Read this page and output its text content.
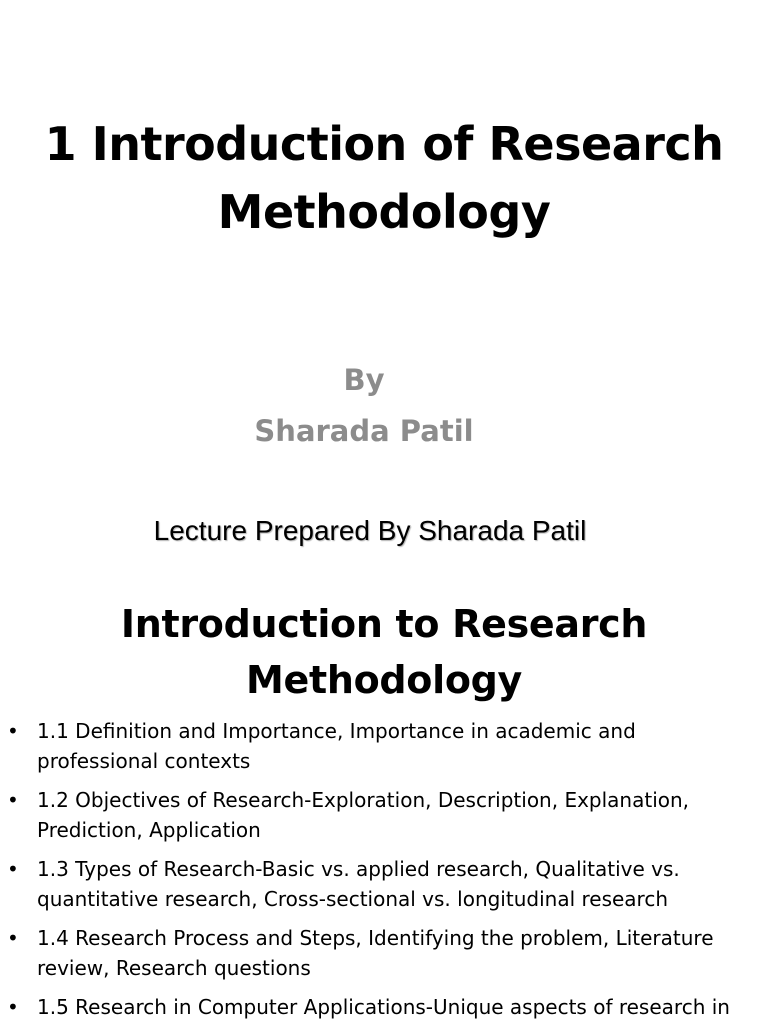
1 Introduction of Research Methodology
By
Sharada Patil
Lecture Prepared By Sharada Patil
Introduction to Research Methodology
• 1.1 Definition and Importance, Importance in academic and professional contexts
• 1.2 Objectives of Research-Exploration, Description, Explanation, Prediction, Application
• 1.3 Types of Research-Basic vs. applied research, Qualitative vs. quantitative research, Cross-sectional vs. longitudinal research
• 1.4 Research Process and Steps, Identifying the problem, Literature review, Research questions
• 1.5 Research in Computer Applications-Unique aspects of research in
